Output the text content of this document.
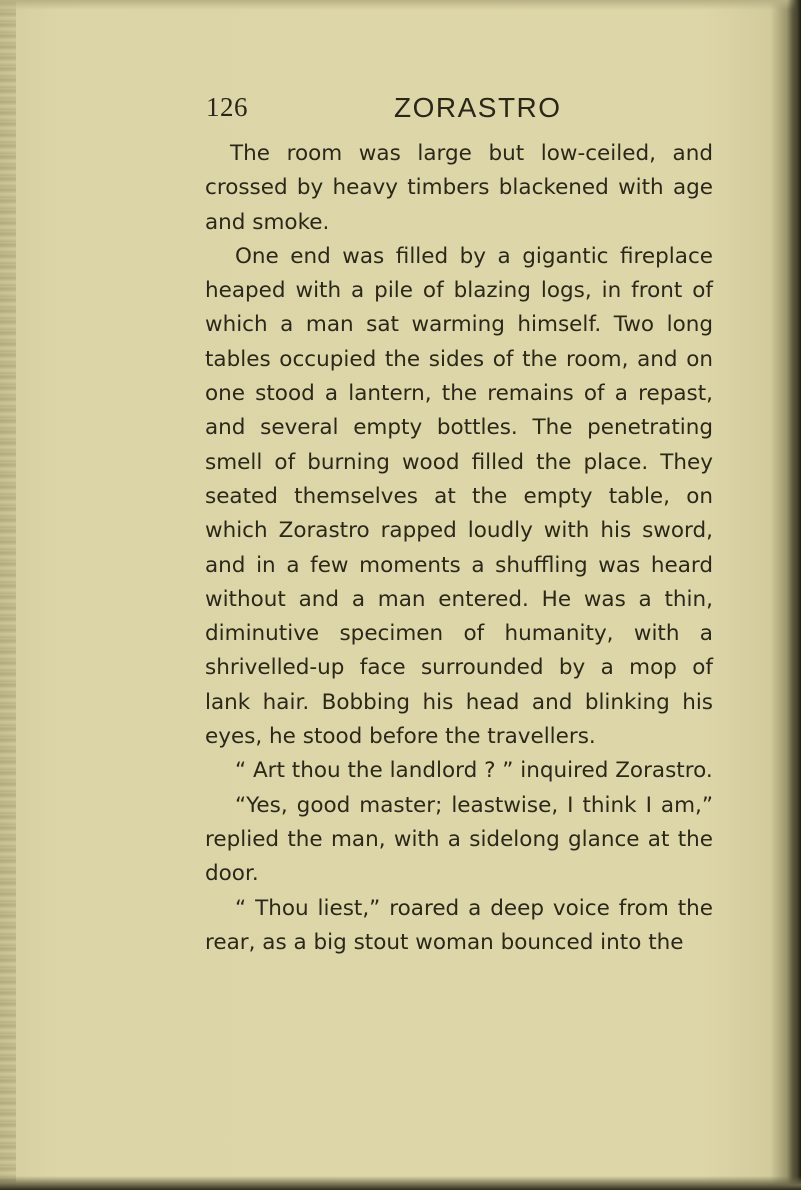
126	ZORASTRO

The room was large but low-ceiled, and crossed by heavy timbers blackened with age and smoke.

One end was filled by a gigantic fireplace heaped with a pile of blazing logs, in front of which a man sat warming himself. Two long tables occupied the sides of the room, and on one stood a lantern, the remains of a repast, and several empty bottles. The penetrating smell of burning wood filled the place. They seated themselves at the empty table, on which Zorastro rapped loudly with his sword, and in a few moments a shuffling was heard without and a man entered. He was a thin, diminutive specimen of humanity, with a shrivelled-up face surrounded by a mop of lank hair. Bobbing his head and blinking his eyes, he stood before the travellers.

“ Art thou the landlord ? ” inquired Zorastro.

“Yes, good master; leastwise, I think I am,” replied the man, with a sidelong glance at the door.

“ Thou liest,” roared a deep voice from the rear, as a big stout woman bounced into the
